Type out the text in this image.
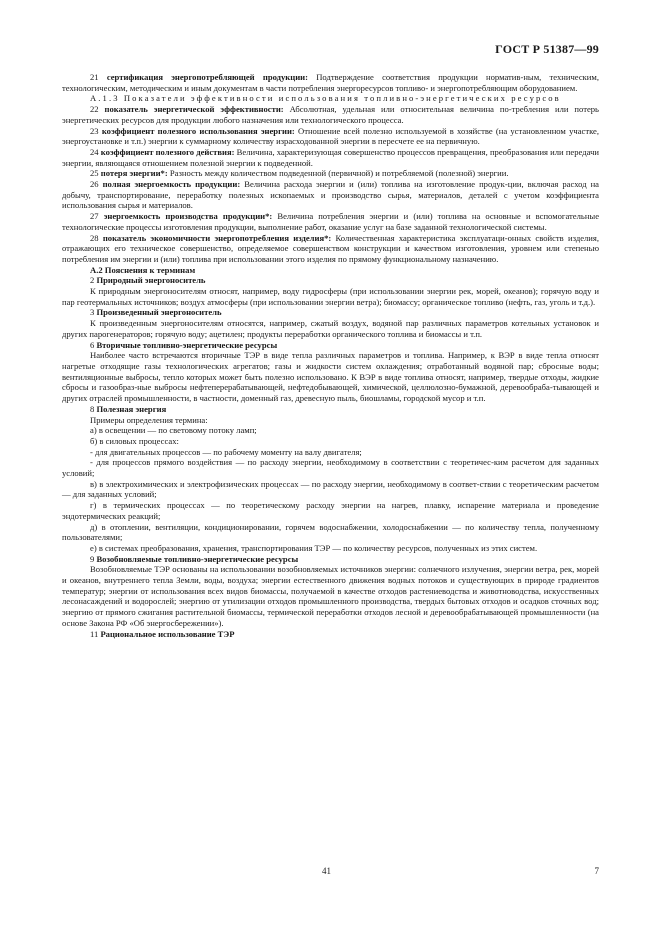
ГОСТ Р 51387—99

21 сертификация энергопотребляющей продукции: Подтверждение соответствия продукции норматив-ным, техническим, технологическим, методическим и иным документам в части потребления энергоресурсов топливо- и энергопотребляющим оборудованием.

А.1.3 Показатели эффективности использования топливно-энергетических ресурсов

22 показатель энергетической эффективности: Абсолютная, удельная или относительная величина по-требления или потерь энергетических ресурсов для продукции любого назначения или технологического процесса.

23 коэффициент полезного использования энергии: Отношение всей полезно используемой в хозяйстве (на установленном участке, энергоустановке и т.п.) энергии к суммарному количеству израсходованной энергии в пересчете ее на первичную.

24 коэффициент полезного действия: Величина, характеризующая совершенство процессов превращения, преобразования или передачи энергии, являющаяся отношением полезной энергии к подведенной.

25 потеря энергии*: Разность между количеством подведенной (первичной) и потребляемой (полезной) энергии.

26 полная энергоемкость продукции: Величина расхода энергии и (или) топлива на изготовление продук-ции, включая расход на добычу, транспортирование, переработку полезных ископаемых и производство сырья, материалов, деталей с учетом коэффициента использования сырья и материалов.

27 энергоемкость производства продукции*: Величина потребления энергии и (или) топлива на основные и вспомогательные технологические процессы изготовления продукции, выполнение работ, оказание услуг на базе заданной технологической системы.

28 показатель экономичности энергопотребления изделия*: Количественная характеристика эксплуатаци-онных свойств изделия, отражающих его техническое совершенство, определяемое совершенством конструкции и качеством изготовления, уровнем или степенью потребления им энергии и (или) топлива при использовании этого изделия по прямому функциональному назначению.

А.2 Пояснения к терминам

2 Природный энергоноситель

К природным энергоносителям относят, например, воду гидросферы (при использовании энергии рек, морей, океанов); горячую воду и пар геотермальных источников; воздух атмосферы (при использовании энергии ветра); биомассу; органическое топливо (нефть, газ, уголь и т.д.).

3 Произведенный энергоноситель

К произведенным энергоносителям относятся, например, сжатый воздух, водяной пар различных параметров котельных установок и других парогенераторов; горячую воду; ацетилен; продукты переработки органического топлива и биомассы и т.п.

6 Вторичные топливно-энергетические ресурсы

Наиболее часто встречаются вторичные ТЭР в виде тепла различных параметров и топлива. Например, к ВЭР в виде тепла относят нагретые отходящие газы технологических агрегатов; газы и жидкости систем охлаждения; отработанный водяной пар; сбросные воды; вентиляционные выбросы, тепло которых может быть полезно использовано. К ВЭР в виде топлива относят, например, твердые отходы, жидкие сбросы и газообраз-ные выбросы нефтеперерабатывающей, нефтедобывающей, химической, целлюлозно-бумажной, деревообраба-тывающей и других отраслей промышленности, в частности, доменный газ, древесную пыль, биошламы, городской мусор и т.п.

8 Полезная энергия

Примеры определения термина:

а) в освещении — по световому потоку ламп;

б) в силовых процессах:

- для двигательных процессов — по рабочему моменту на валу двигателя;

- для процессов прямого воздействия — по расходу энергии, необходимому в соответствии с теоретичес-ким расчетом для заданных условий;

в) в электрохимических и электрофизических процессах — по расходу энергии, необходимому в соответ-ствии с теоретическим расчетом — для заданных условий;

г) в термических процессах — по теоретическому расходу энергии на нагрев, плавку, испарение материала и проведение эндотермических реакций;

д) в отоплении, вентиляции, кондиционировании, горячем водоснабжении, холодоснабжении — по количеству тепла, полученному пользователями;

е) в системах преобразования, хранения, транспортирования ТЭР — по количеству ресурсов, полученных из этих систем.

9 Возобновляемые топливно-энергетические ресурсы

Возобновляемые ТЭР основаны на использовании возобновляемых источников энергии: солнечного излучения, энергии ветра, рек, морей и океанов, внутреннего тепла Земли, воды, воздуха; энергии естественного движения водных потоков и существующих в природе градиентов температур; энергии от использования всех видов биомассы, получаемой в качестве отходов растениеводства и животноводства, искусственных лесонасаждений и водорослей; энергию от утилизации отходов промышленного производства, твердых бытовых отходов и осадков сточных вод; энергию от прямого сжигания растительной биомассы, термической переработки отходов лесной и деревообрабатывающей промышленности (на основе Закона РФ «Об энергосбережении»).

11 Рациональное использование ТЭР

41	7
